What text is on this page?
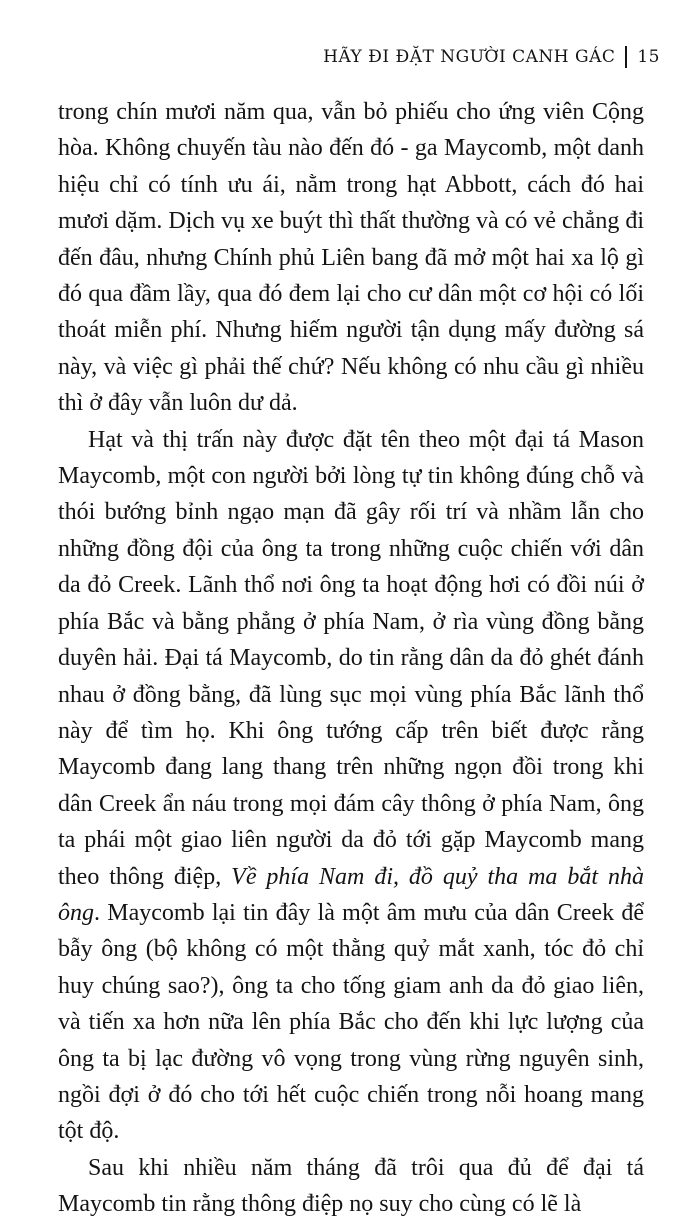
HÃY ĐI ĐẶT NGƯỜI CANH GÁC 15

trong chín mươi năm qua, vẫn bỏ phiếu cho ứng viên Cộng hòa. Không chuyến tàu nào đến đó - ga Maycomb, một danh hiệu chỉ có tính ưu ái, nằm trong hạt Abbott, cách đó hai mươi dặm. Dịch vụ xe buýt thì thất thường và có vẻ chẳng đi đến đâu, nhưng Chính phủ Liên bang đã mở một hai xa lộ gì đó qua đầm lầy, qua đó đem lại cho cư dân một cơ hội có lối thoát miễn phí. Nhưng hiếm người tận dụng mấy đường sá này, và việc gì phải thế chứ? Nếu không có nhu cầu gì nhiều thì ở đây vẫn luôn dư dả.

Hạt và thị trấn này được đặt tên theo một đại tá Mason Maycomb, một con người bởi lòng tự tin không đúng chỗ và thói bướng bỉnh ngạo mạn đã gây rối trí và nhầm lẫn cho những đồng đội của ông ta trong những cuộc chiến với dân da đỏ Creek. Lãnh thổ nơi ông ta hoạt động hơi có đồi núi ở phía Bắc và bằng phẳng ở phía Nam, ở rìa vùng đồng bằng duyên hải. Đại tá Maycomb, do tin rằng dân da đỏ ghét đánh nhau ở đồng bằng, đã lùng sục mọi vùng phía Bắc lãnh thổ này để tìm họ. Khi ông tướng cấp trên biết được rằng Maycomb đang lang thang trên những ngọn đồi trong khi dân Creek ẩn náu trong mọi đám cây thông ở phía Nam, ông ta phái một giao liên người da đỏ tới gặp Maycomb mang theo thông điệp, Về phía Nam đi, đồ quỷ tha ma bắt nhà ông. Maycomb lại tin đây là một âm mưu của dân Creek để bẫy ông (bộ không có một thằng quỷ mắt xanh, tóc đỏ chỉ huy chúng sao?), ông ta cho tống giam anh da đỏ giao liên, và tiến xa hơn nữa lên phía Bắc cho đến khi lực lượng của ông ta bị lạc đường vô vọng trong vùng rừng nguyên sinh, ngồi đợi ở đó cho tới hết cuộc chiến trong nỗi hoang mang tột độ.

Sau khi nhiều năm tháng đã trôi qua đủ để đại tá Maycomb tin rằng thông điệp nọ suy cho cùng có lẽ là
